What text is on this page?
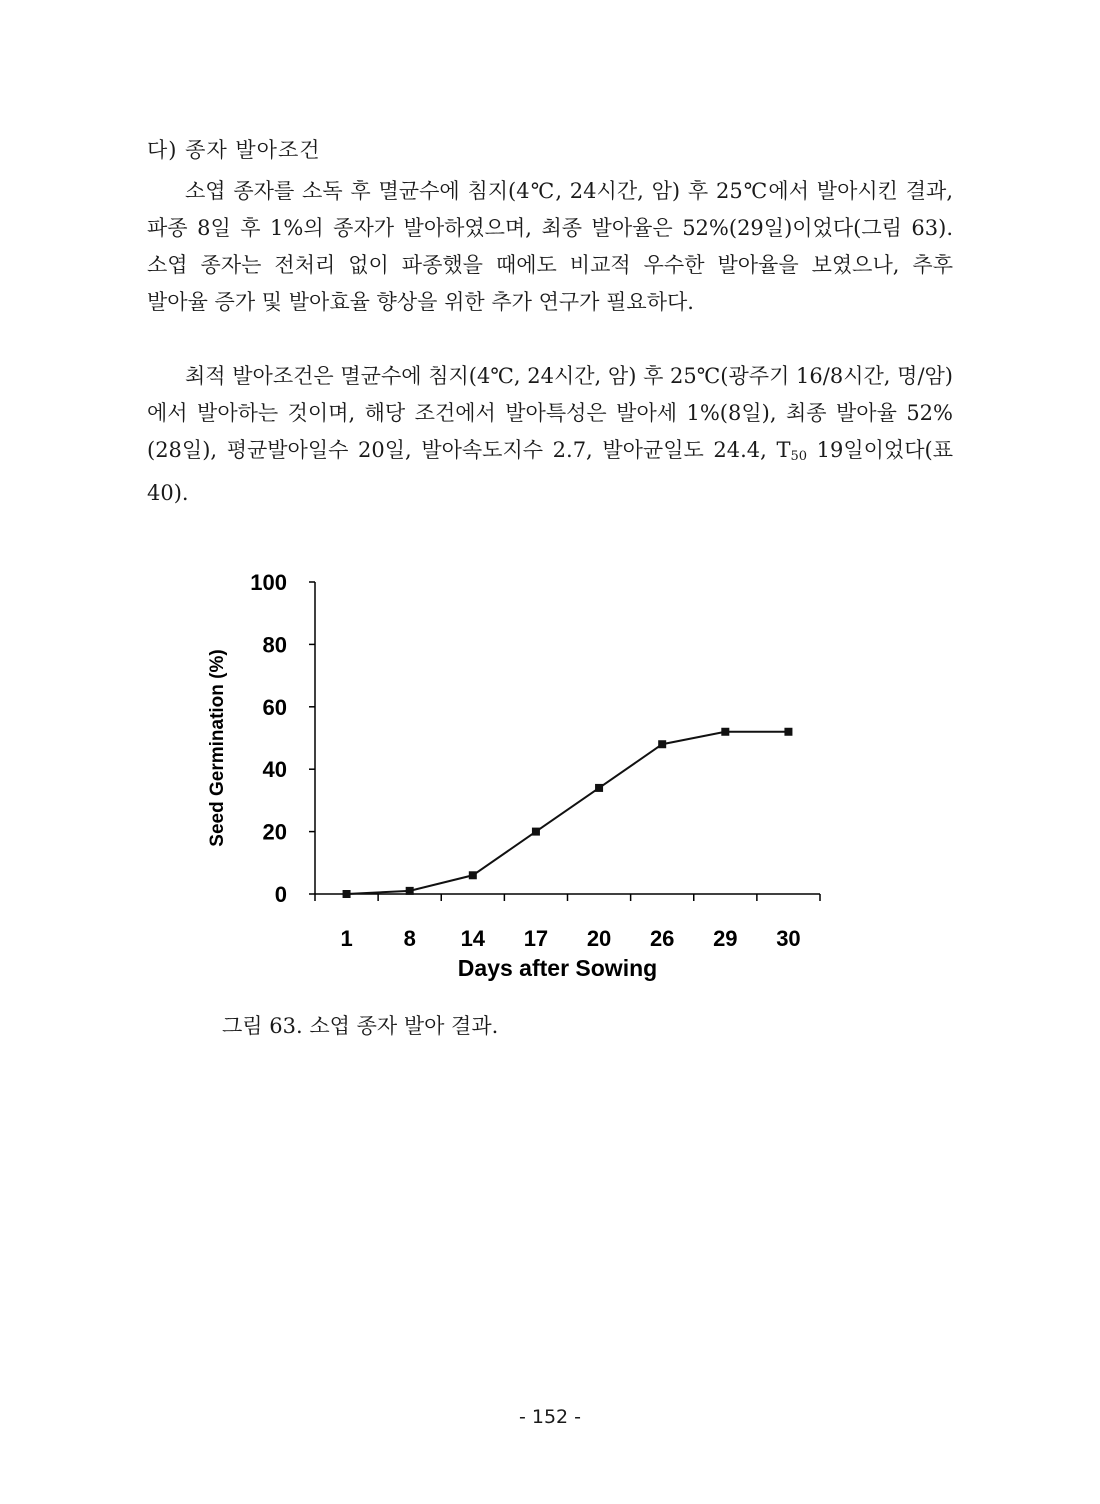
다) 종자 발아조건

소엽 종자를 소독 후 멸균수에 침지(4℃, 24시간, 암) 후 25℃에서 발아시킨 결과, 파종 8일 후 1%의 종자가 발아하였으며, 최종 발아율은 52%(29일)이었다(그림 63). 소엽 종자는 전처리 없이 파종했을 때에도 비교적 우수한 발아율을 보였으나, 추후 발아율 증가 및 발아효율 향상을 위한 추가 연구가 필요하다.

최적 발아조건은 멸균수에 침지(4℃, 24시간, 암) 후 25℃(광주기 16/8시간, 명/암)에서 발아하는 것이며, 해당 조건에서 발아특성은 발아세 1%(8일), 최종 발아율 52%(28일), 평균발아일수 20일, 발아속도지수 2.7, 발아균일도 24.4, $T_{50}$ 19일이었다(표 40).

0
20
40
60
80
100
1 8 14 17 20 26 29 30
Days after Sowing
Seed Germination (%)
그림 63. 소엽 종자 발아 결과.
- 152 -
